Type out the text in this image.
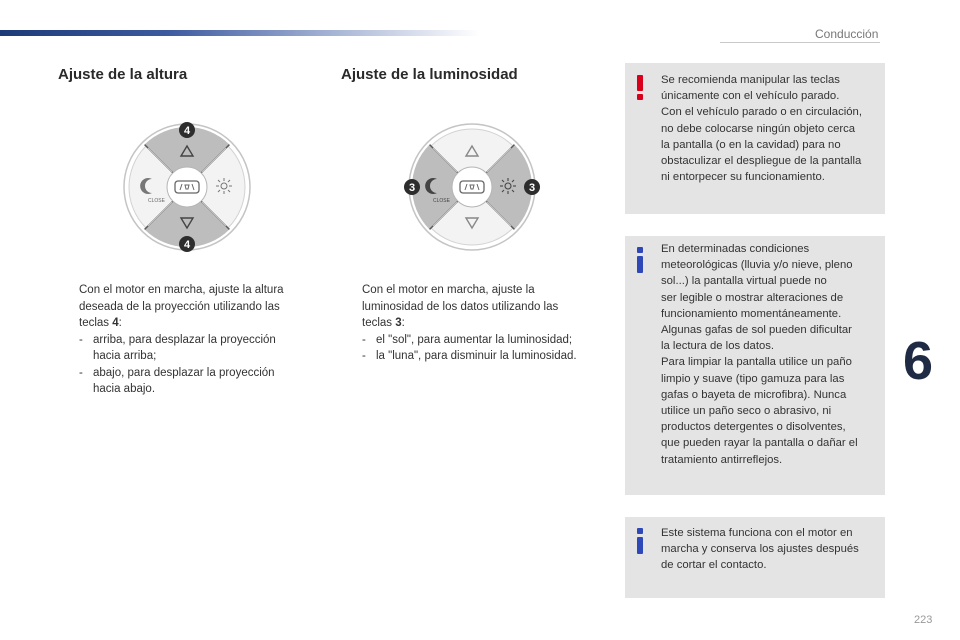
Conducción
6
223
Ajuste de la altura
CLOSE
4
4
Con el motor en marcha, ajuste la altura
deseada de la proyección utilizando las
teclas 4:
- arriba, para desplazar la proyección
hacia arriba;
- abajo, para desplazar la proyección
hacia abajo.
Ajuste de la luminosidad
CLOSE
3	3
Con el motor en marcha, ajuste la
luminosidad de los datos utilizando las
teclas 3:
- el "sol", para aumentar la luminosidad;
- la "luna", para disminuir la luminosidad.
Se recomienda manipular las teclas
únicamente con el vehículo parado.
Con el vehículo parado o en circulación,
no debe colocarse ningún objeto cerca
la pantalla (o en la cavidad) para no
obstaculizar el despliegue de la pantalla
ni entorpecer su funcionamiento.
En determinadas condiciones
meteorológicas (lluvia y/o nieve, pleno
sol...) la pantalla virtual puede no
ser legible o mostrar alteraciones de
funcionamiento momentáneamente.
Algunas gafas de sol pueden dificultar
la lectura de los datos.
Para limpiar la pantalla utilice un paño
limpio y suave (tipo gamuza para las
gafas o bayeta de microfibra). Nunca
utilice un paño seco o abrasivo, ni
productos detergentes o disolventes,
que pueden rayar la pantalla o dañar el
tratamiento antirreflejos.
Este sistema funciona con el motor en
marcha y conserva los ajustes después
de cortar el contacto.
